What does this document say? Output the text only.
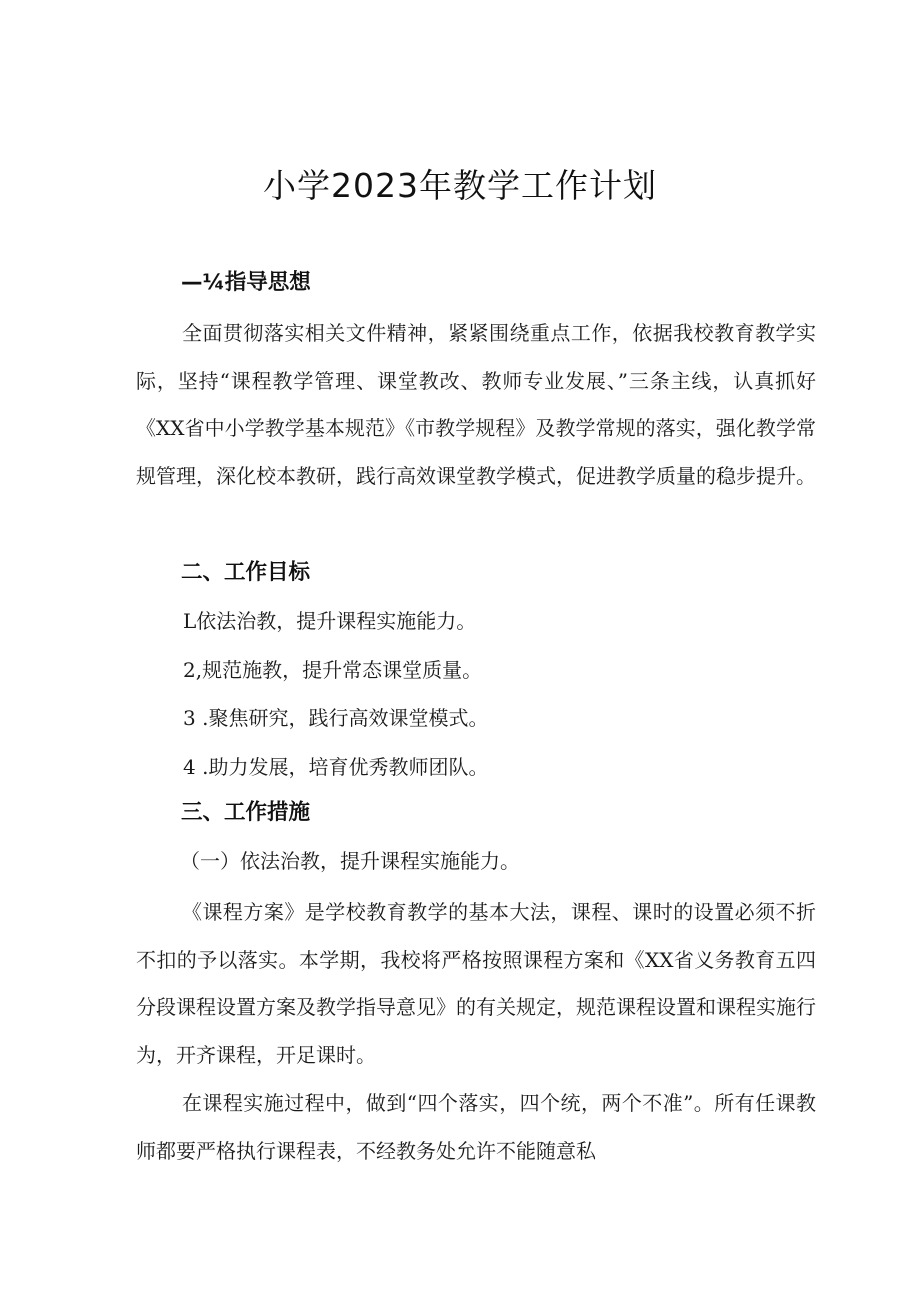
小学2023年教学工作计划
—¼指导思想

全面贯彻落实相关文件精神，紧紧围绕重点工作，依据我校教育教学实际，坚持“课程教学管理、课堂教改、教师专业发展、”三条主线，认真抓好《XX省中小学教学基本规范》《市教学规程》及教学常规的落实，强化教学常规管理，深化校本教研，践行高效课堂教学模式，促进教学质量的稳步提升。

二、工作目标

L依法治教，提升课程实施能力。

2,规范施教，提升常态课堂质量。

3 .聚焦研究，践行高效课堂模式。

4 .助力发展，培育优秀教师团队。

三、工作措施

（一）依法治教，提升课程实施能力。

《课程方案》是学校教育教学的基本大法，课程、课时的设置必须不折不扣的予以落实。本学期，我校将严格按照课程方案和《XX省义务教育五四分段课程设置方案及教学指导意见》的有关规定，规范课程设置和课程实施行为，开齐课程，开足课时。

在课程实施过程中，做到“四个落实，四个统，两个不准”。所有任课教师都要严格执行课程表，不经教务处允许不能随意私
